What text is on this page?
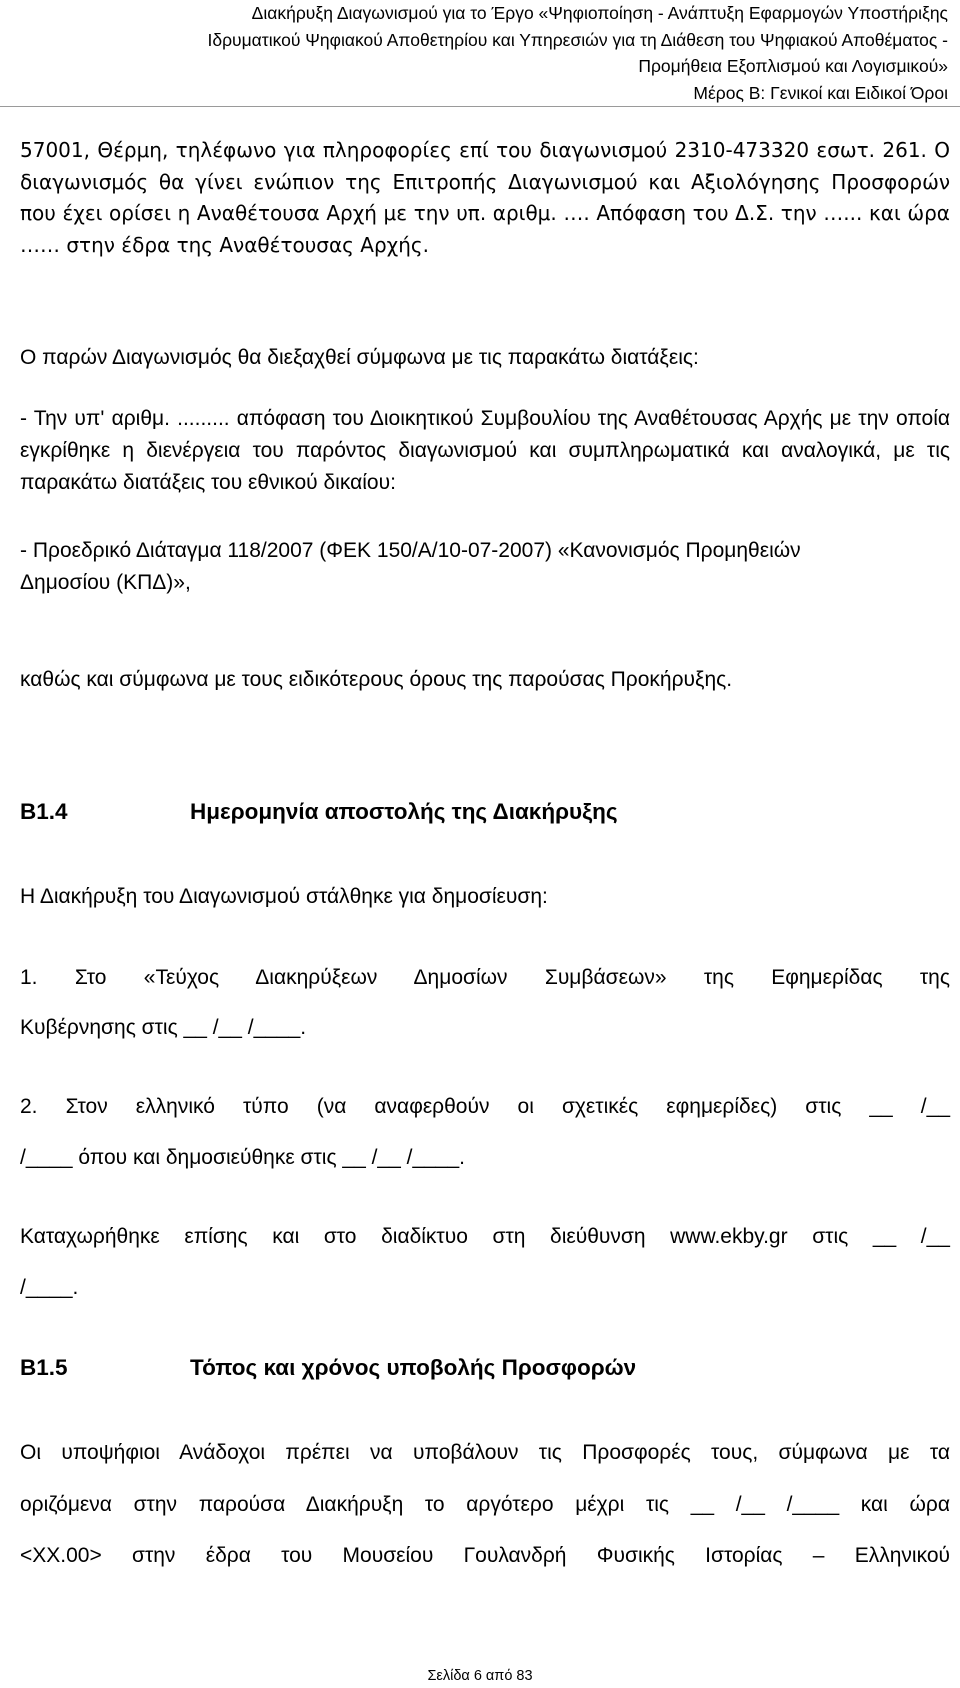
Διακήρυξη Διαγωνισμού για το Έργο «Ψηφιοποίηση - Ανάπτυξη Εφαρμογών Υποστήριξης
Ιδρυματικού Ψηφιακού Αποθετηρίου και Υπηρεσιών για τη Διάθεση του Ψηφιακού Αποθέματος -
Προμήθεια Εξοπλισμού και Λογισμικού»
Μέρος Β: Γενικοί και Ειδικοί Όροι
57001, Θέρμη, τηλέφωνο για πληροφορίες επί του διαγωνισμού 2310-473320 εσωτ. 261. Ο διαγωνισμός θα γίνει ενώπιον της Επιτροπής Διαγωνισμού και Αξιολόγησης Προσφορών που έχει ορίσει η Αναθέτουσα Αρχή με την υπ. αριθμ. …. Απόφαση του Δ.Σ. την …... και ώρα …… στην έδρα της Αναθέτουσας Αρχής.
Ο παρών Διαγωνισμός θα διεξαχθεί σύμφωνα με τις παρακάτω διατάξεις:
- Την υπ' αριθμ. ......... απόφαση του Διοικητικού Συμβουλίου της Αναθέτουσας Αρχής με την οποία εγκρίθηκε η διενέργεια του παρόντος διαγωνισμού και συμπληρωματικά και αναλογικά, με τις παρακάτω διατάξεις του εθνικού δικαίου:
- Προεδρικό Διάταγμα 118/2007 (ΦΕΚ 150/Α/10-07-2007) «Κανονισμός Προμηθειών Δημοσίου (ΚΠΔ)»,
καθώς και σύμφωνα με τους ειδικότερους όρους της παρούσας Προκήρυξης.
Β1.4	Ημερομηνία αποστολής της Διακήρυξης
Η Διακήρυξη του Διαγωνισμού στάλθηκε για δημοσίευση:
1. Στο «Τεύχος Διακηρύξεων Δημοσίων Συμβάσεων» της Εφημερίδας της
Κυβέρνησης στις __ /__ /____.
2. Στον ελληνικό τύπο (να αναφερθούν οι σχετικές εφημερίδες) στις __ /__
/____ όπου και δημοσιεύθηκε στις __ /__ /____.
Καταχωρήθηκε επίσης και στο διαδίκτυο στη διεύθυνση www.ekby.gr στις __ /__
/____.
Β1.5	Τόπος και χρόνος υποβολής Προσφορών
Οι υποψήφιοι Ανάδοχοι πρέπει να υποβάλουν τις Προσφορές τους, σύμφωνα με τα
οριζόμενα στην παρούσα Διακήρυξη το αργότερο μέχρι τις __ /__ /____ και ώρα
<ΧΧ.00> στην έδρα του Μουσείου Γουλανδρή Φυσικής Ιστορίας – Ελληνικού
Σελίδα 6 από 83
